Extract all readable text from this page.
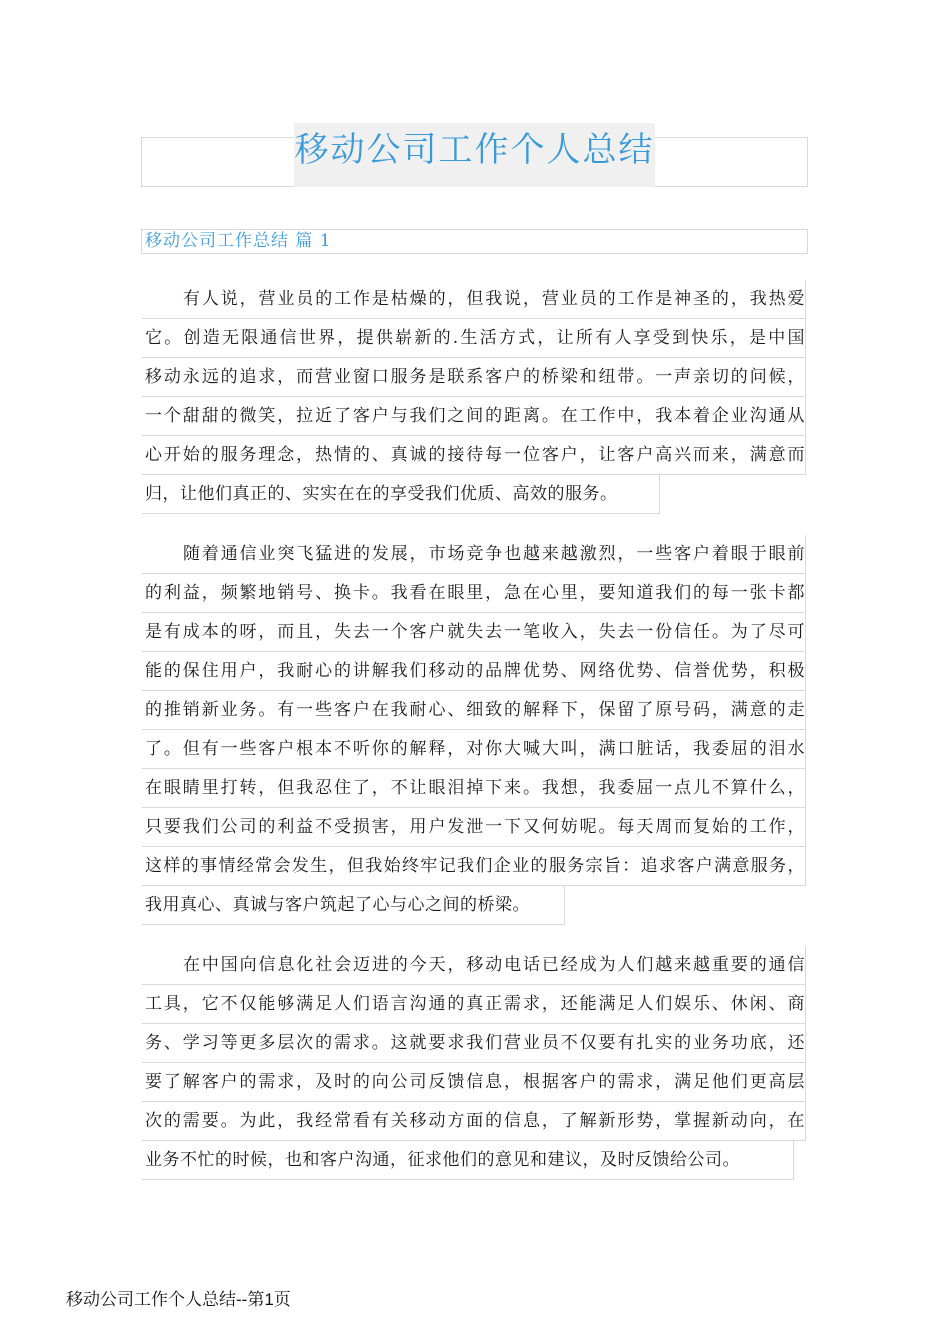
移动公司工作个人总结
移动公司工作总结 篇 1
有人说，营业员的工作是枯燥的，但我说，营业员的工作是神圣的，我热爱
它。创造无限通信世界，提供崭新的.生活方式，让所有人享受到快乐，是中国
移动永远的追求，而营业窗口服务是联系客户的桥梁和纽带。一声亲切的问候，
一个甜甜的微笑，拉近了客户与我们之间的距离。在工作中，我本着企业沟通从
心开始的服务理念，热情的、真诚的接待每一位客户，让客户高兴而来，满意而
归，让他们真正的、实实在在的享受我们优质、高效的服务。
随着通信业突飞猛进的发展，市场竞争也越来越激烈，一些客户着眼于眼前
的利益，频繁地销号、换卡。我看在眼里，急在心里，要知道我们的每一张卡都
是有成本的呀，而且，失去一个客户就失去一笔收入，失去一份信任。为了尽可
能的保住用户，我耐心的讲解我们移动的品牌优势、网络优势、信誉优势，积极
的推销新业务。有一些客户在我耐心、细致的解释下，保留了原号码，满意的走
了。但有一些客户根本不听你的解释，对你大喊大叫，满口脏话，我委屈的泪水
在眼睛里打转，但我忍住了，不让眼泪掉下来。我想，我委屈一点儿不算什么，
只要我们公司的利益不受损害，用户发泄一下又何妨呢。每天周而复始的工作，
这样的事情经常会发生，但我始终牢记我们企业的服务宗旨：追求客户满意服务，
我用真心、真诚与客户筑起了心与心之间的桥梁。
在中国向信息化社会迈进的今天，移动电话已经成为人们越来越重要的通信
工具，它不仅能够满足人们语言沟通的真正需求，还能满足人们娱乐、休闲、商
务、学习等更多层次的需求。这就要求我们营业员不仅要有扎实的业务功底，还
要了解客户的需求，及时的向公司反馈信息，根据客户的需求，满足他们更高层
次的需要。为此，我经常看有关移动方面的信息，了解新形势，掌握新动向，在
业务不忙的时候，也和客户沟通，征求他们的意见和建议，及时反馈给公司。
移动公司工作个人总结--第1页
